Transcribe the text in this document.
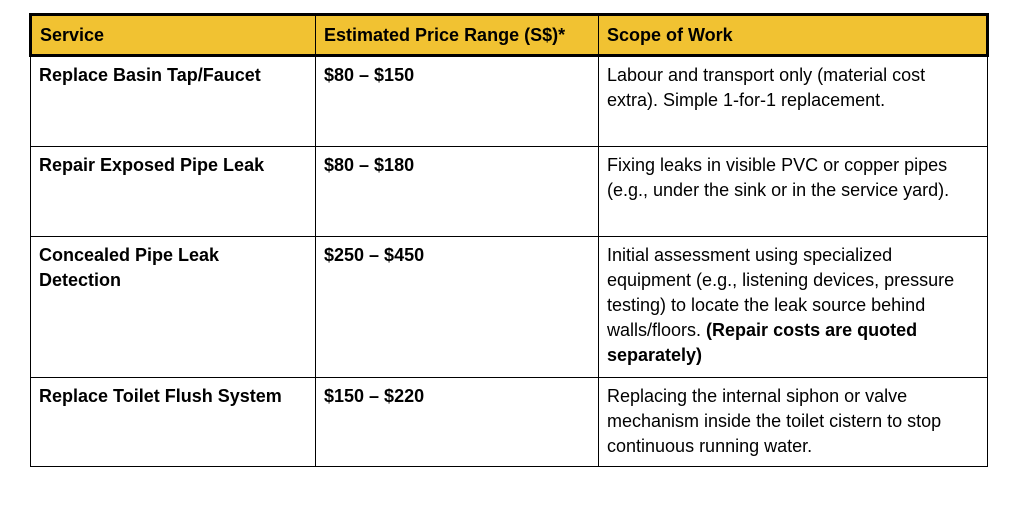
Service	Estimated Price Range (S$)*	Scope of Work

Replace Basin Tap/Faucet	$80 – $150	Labour and transport only (material cost extra). Simple 1-for-1 replacement.

Repair Exposed Pipe Leak	$80 – $180	Fixing leaks in visible PVC or copper pipes (e.g., under the sink or in the service yard).

Concealed Pipe Leak
Detection	$250 – $450	Initial assessment using specialized equipment (e.g., listening devices, pressure testing) to locate the leak source behind walls/floors. (Repair costs are quoted separately)

Replace Toilet Flush System	$150 – $220	Replacing the internal siphon or valve mechanism inside the toilet cistern to stop continuous running water.
